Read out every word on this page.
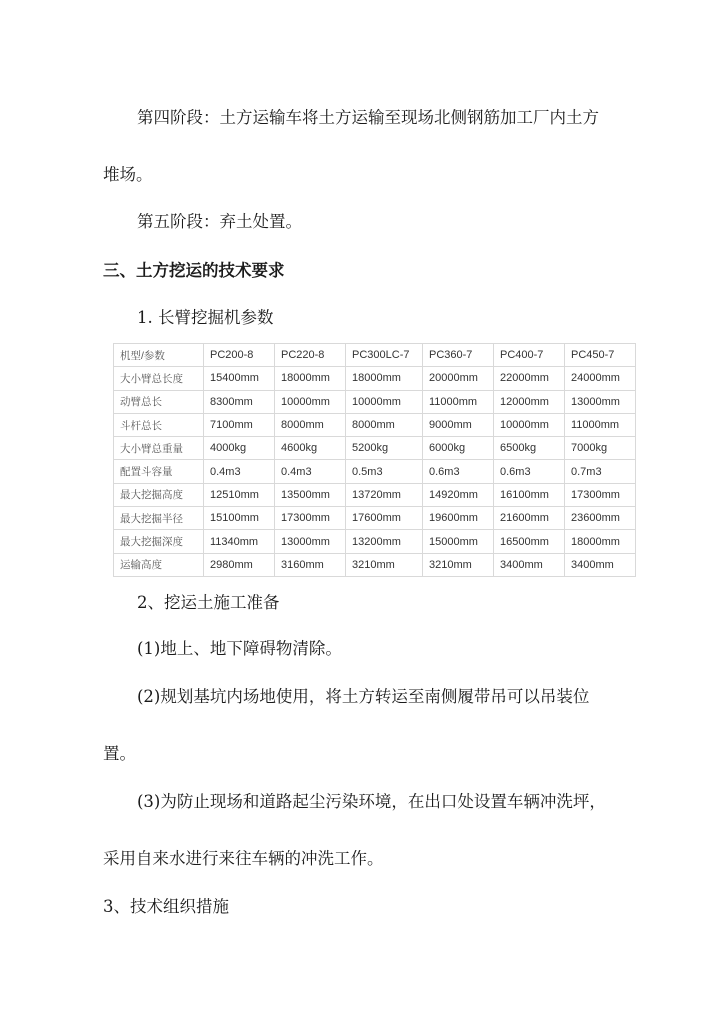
第四阶段：土方运输车将土方运输至现场北侧钢筋加工厂内土方
堆场。
第五阶段：弃土处置。
三、土方挖运的技术要求
1. 长臂挖掘机参数
机型/参数	PC200-8	PC220-8	PC300LC-7	PC360-7	PC400-7	PC450-7
大小臂总长度	15400mm	18000mm	18000mm	20000mm	22000mm	24000mm
动臂总长	8300mm	10000mm	10000mm	11000mm	12000mm	13000mm
斗杆总长	7100mm	8000mm	8000mm	9000mm	10000mm	11000mm
大小臂总重量	4000kg	4600kg	5200kg	6000kg	6500kg	7000kg
配置斗容量	0.4m3	0.4m3	0.5m3	0.6m3	0.6m3	0.7m3
最大挖掘高度	12510mm	13500mm	13720mm	14920mm	16100mm	17300mm
最大挖掘半径	15100mm	17300mm	17600mm	19600mm	21600mm	23600mm
最大挖掘深度	11340mm	13000mm	13200mm	15000mm	16500mm	18000mm
运输高度	2980mm	3160mm	3210mm	3210mm	3400mm	3400mm
2、挖运土施工准备
(1)地上、地下障碍物清除。
(2)规划基坑内场地使用，将土方转运至南侧履带吊可以吊装位
置。
(3)为防止现场和道路起尘污染环境，在出口处设置车辆冲洗坪，
采用自来水进行来往车辆的冲洗工作。
3、技术组织措施
